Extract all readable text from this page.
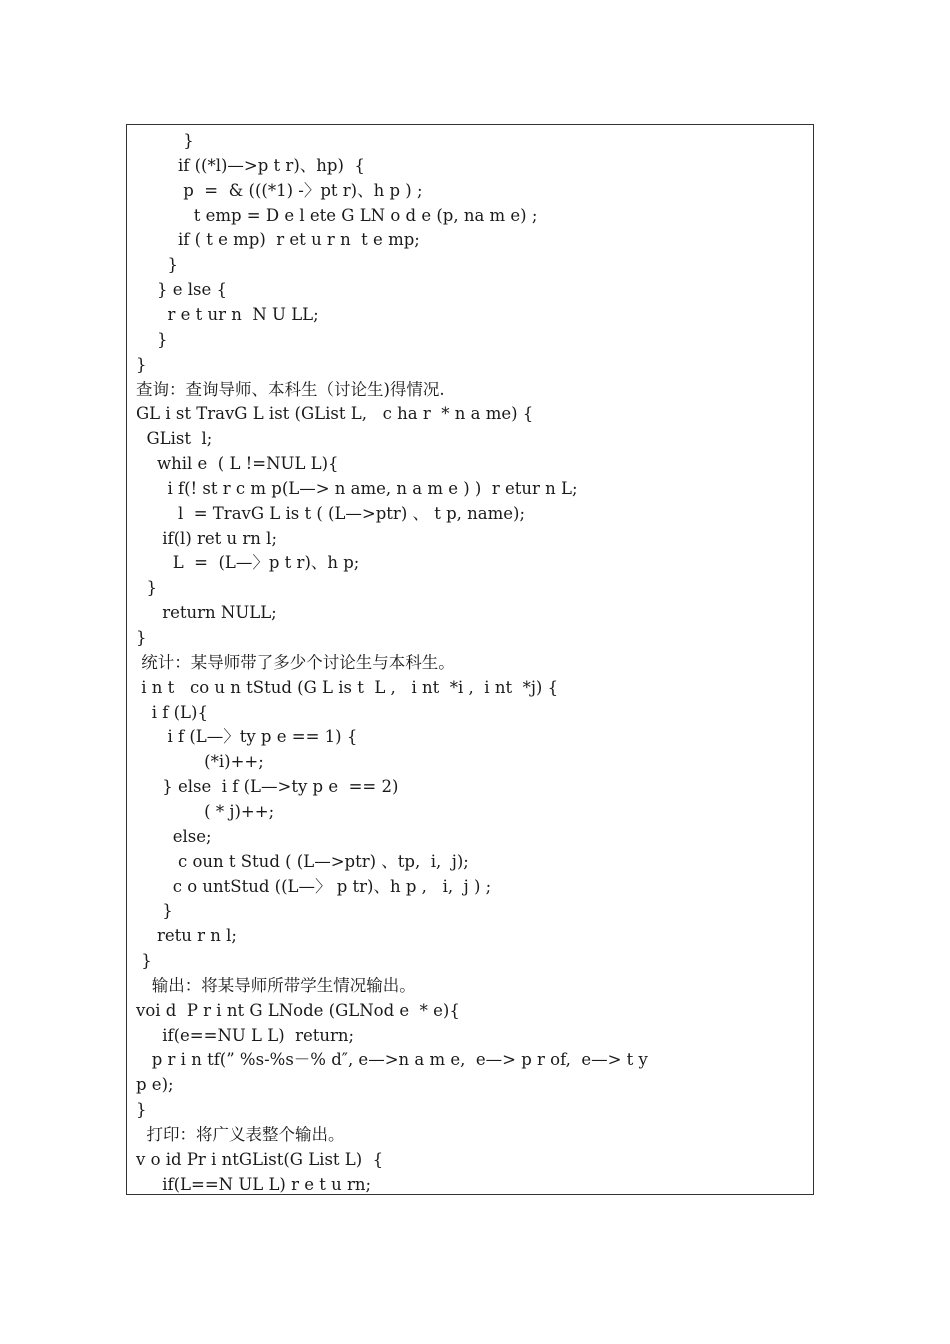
}
if ((*l)—>p t r)、hp)  {
p  =  & (((*1) -〉pt r)、h p ) ;
t emp = D e l ete G LN o d e (p, na m e) ;
if ( t e mp)  r et u r n  t e mp;
}
} e lse {
r e t ur n  N U LL;
}
}
查询：查询导师、本科生（讨论生)得情况.
GL i st TravG L ist (GList L,   c ha r  * n a me) {
GList  l;
whil e  ( L !=NUL L){
i f(! st r c m p(L—> n ame, n a m e ) )  r etur n L;
l  = TravG L is t ( (L—>ptr) 、 t p, name);
if(l) ret u rn l;
L  =  (L—〉p t r)、h p;
}
return NULL;
}
统计：某导师带了多少个讨论生与本科生。
i n t   co u n tStud (G L is t  L ,   i nt  *i ,  i nt  *j) {
i f (L){
i f (L—〉ty p e == 1) {
(*i)++;
} else  i f (L—>ty p e  == 2)
( * j)++;
else;
c oun t Stud ( (L—>ptr) 、tp,  i,  j);
c o untStud ((L—〉 p tr)、h p ,   i,  j ) ;
}
retu r n l;
}
输出：将某导师所带学生情况输出。
voi d  P r i nt G LNode (GLNod e  * e){
if(e==NU L L)  return;
p r i n tf(” %s-%s－% d″, e—>n a m e,  e—> p r of,  e—> t y
p e);
}
打印：将广义表整个输出。
v o id Pr i ntGList(G List L)  {
if(L==N UL L) r e t u rn;
